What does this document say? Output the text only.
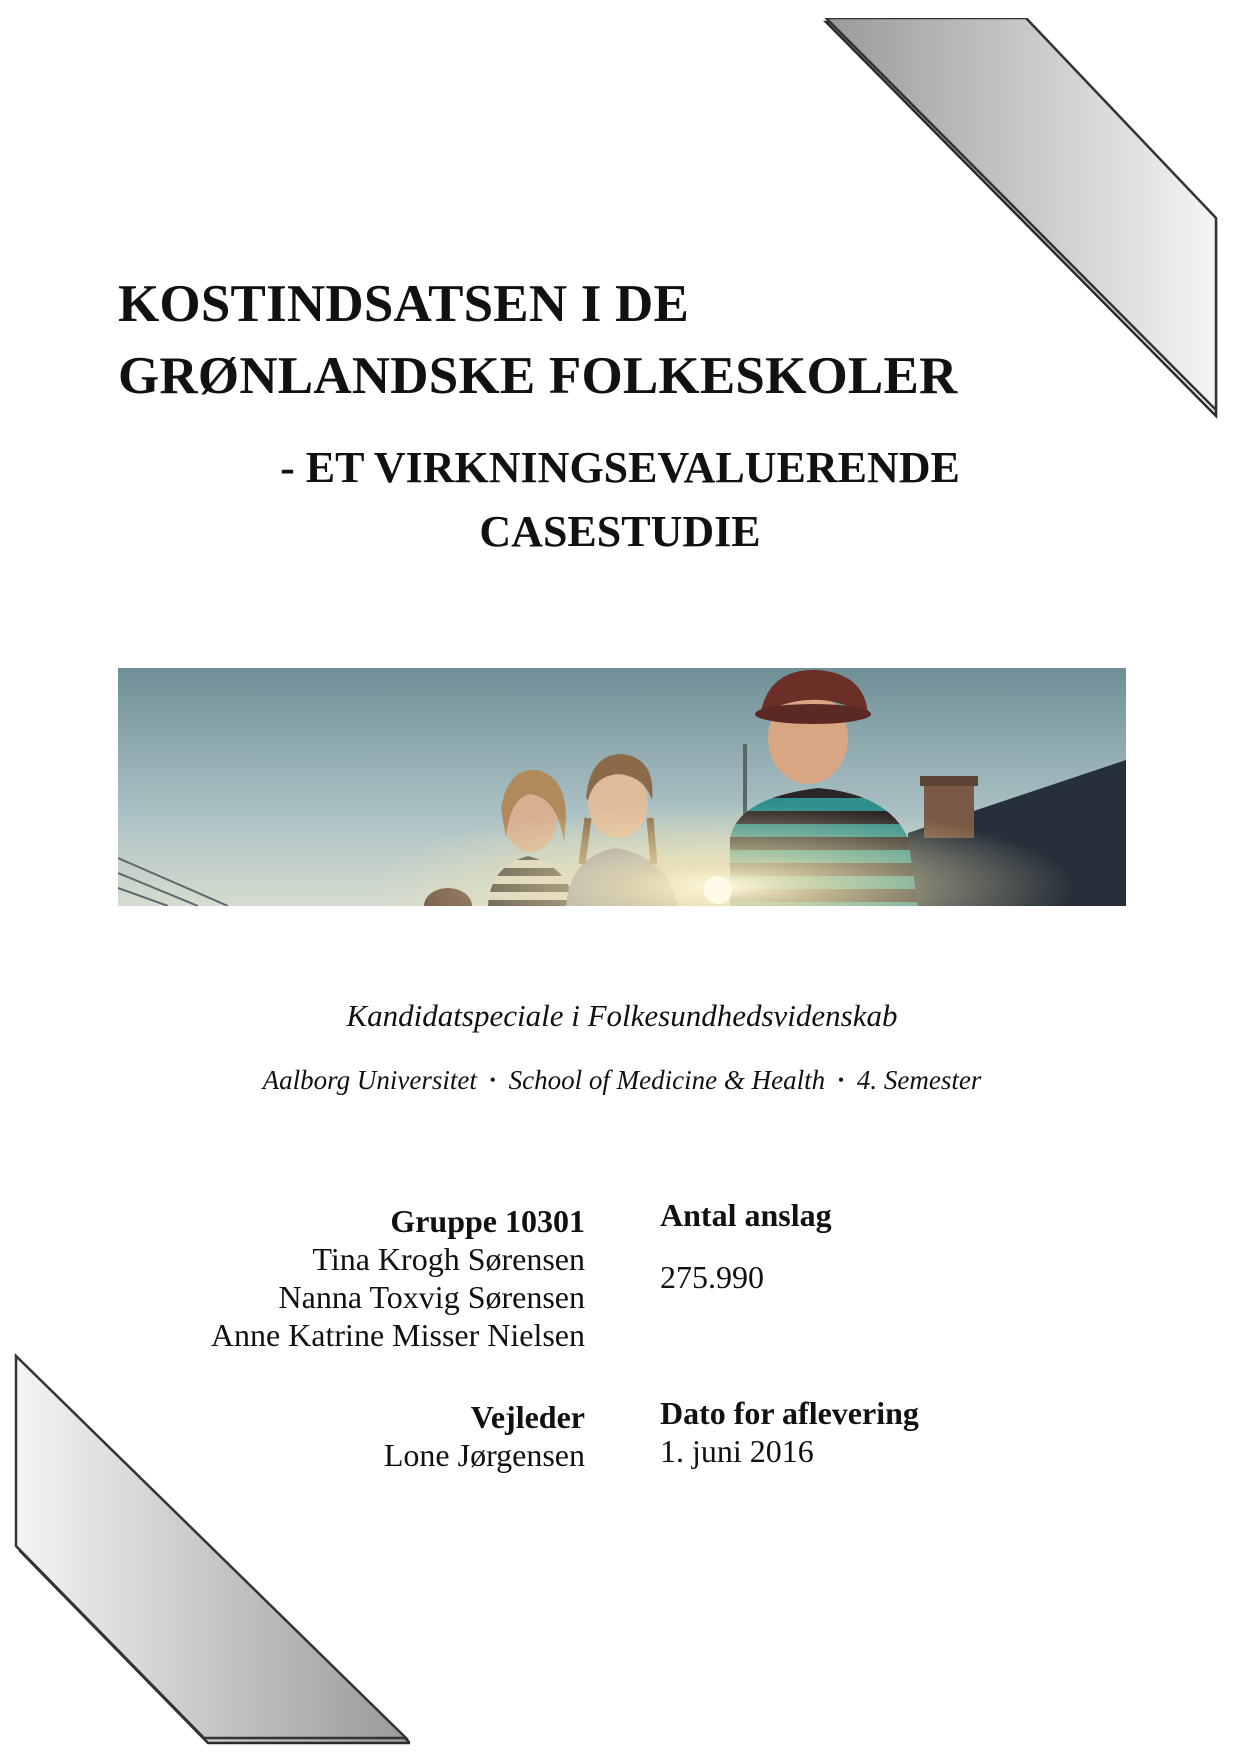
KOSTINDSATSEN I DE
GRØNLANDSKE FOLKESKOLER
- ET VIRKNINGSEVALUERENDE
CASESTUDIE
Kandidatspeciale i Folkesundhedsvidenskab
Aalborg Universitet • School of Medicine & Health • 4. Semester
Gruppe 10301
Tina Krogh Sørensen
Nanna Toxvig Sørensen
Anne Katrine Misser Nielsen
Antal anslag
275.990
Vejleder
Lone Jørgensen
Dato for aflevering
1. juni 2016
